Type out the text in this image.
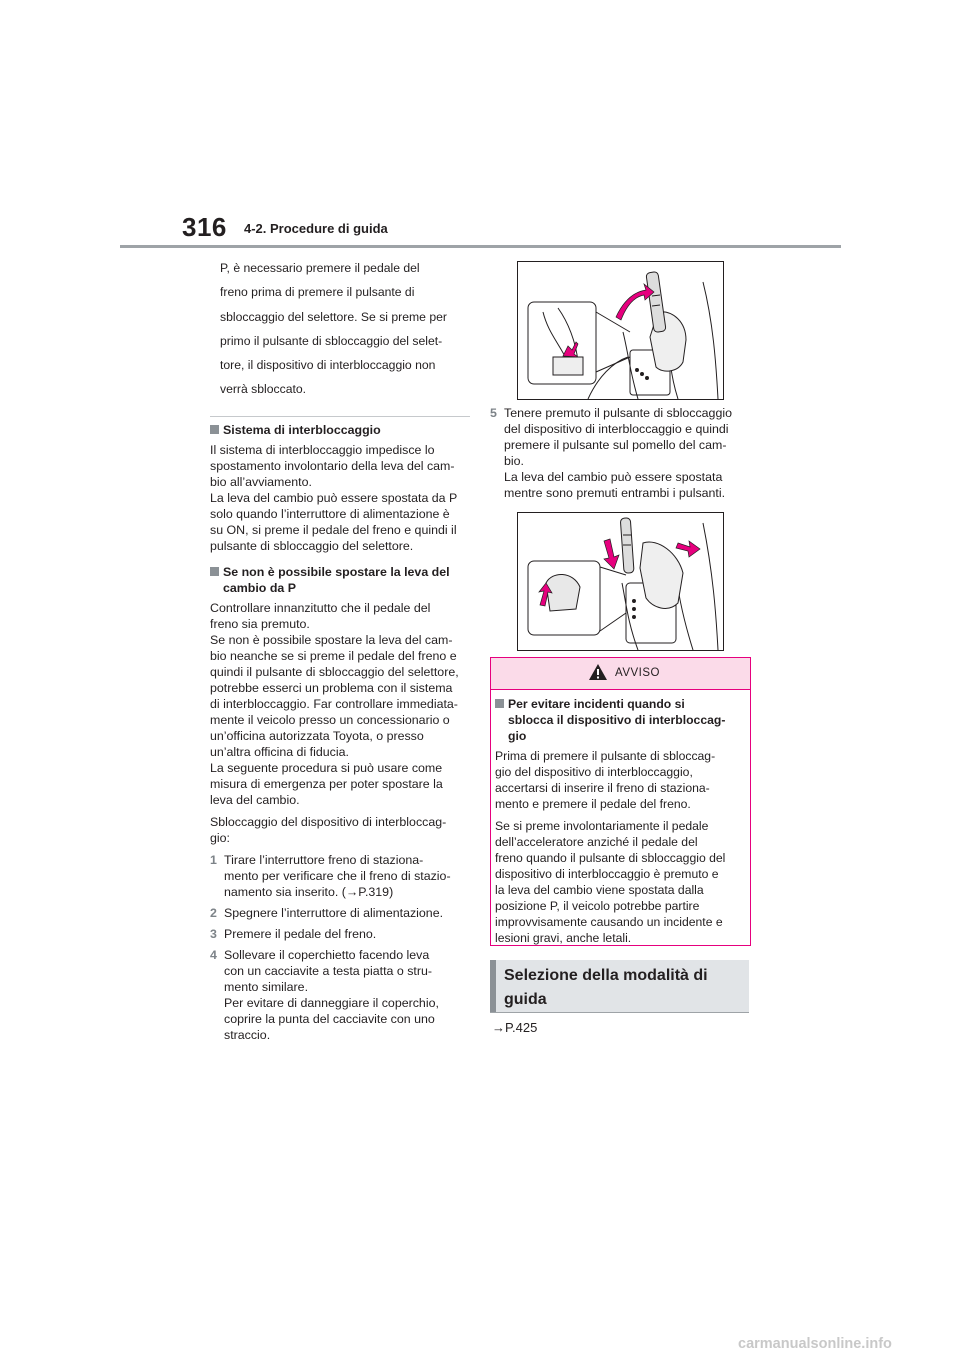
316 4-2. Procedure di guida

P, è necessario premere il pedale del
freno prima di premere il pulsante di
sbloccaggio del selettore. Se si preme per
primo il pulsante di sbloccaggio del selet-
tore, il dispositivo di interbloccaggio non
verrà sbloccato.

Sistema di interbloccaggio

Il sistema di interbloccaggio impedisce lo
spostamento involontario della leva del cam-
bio all’avviamento.
La leva del cambio può essere spostata da P
solo quando l’interruttore di alimentazione è
su ON, si preme il pedale del freno e quindi il
pulsante di sbloccaggio del selettore.

Se non è possibile spostare la leva del
cambio da P

Controllare innanzitutto che il pedale del
freno sia premuto.
Se non è possibile spostare la leva del cam-
bio neanche se si preme il pedale del freno e
quindi il pulsante di sbloccaggio del selettore,
potrebbe esserci un problema con il sistema
di interbloccaggio. Far controllare immediata-
mente il veicolo presso un concessionario o
un’officina autorizzata Toyota, o presso
un’altra officina di fiducia.
La seguente procedura si può usare come
misura di emergenza per poter spostare la
leva del cambio.

Sbloccaggio del dispositivo di interbloccag-
gio:

1 Tirare l’interruttore freno di staziona-
mento per verificare che il freno di stazio-
namento sia inserito. (→P.319)
2 Spegnere l’interruttore di alimentazione.
3 Premere il pedale del freno.
4 Sollevare il coperchietto facendo leva
con un cacciavite a testa piatta o stru-
mento similare.
Per evitare di danneggiare il coperchio,
coprire la punta del cacciavite con uno
straccio.
5 Tenere premuto il pulsante di sbloccaggio
del dispositivo di interbloccaggio e quindi
premere il pulsante sul pomello del cam-
bio.
La leva del cambio può essere spostata
mentre sono premuti entrambi i pulsanti.
AVVISO
Per evitare incidenti quando si
sblocca il dispositivo di interbloccag-
gio

Prima di premere il pulsante di sbloccag-
gio del dispositivo di interbloccaggio,
accertarsi di inserire il freno di staziona-
mento e premere il pedale del freno.

Se si preme involontariamente il pedale
dell’acceleratore anziché il pedale del
freno quando il pulsante di sbloccaggio del
dispositivo di interbloccaggio è premuto e
la leva del cambio viene spostata dalla
posizione P, il veicolo potrebbe partire
improvvisamente causando un incidente e
lesioni gravi, anche letali.

Selezione della modalità di
guida
→P.425
carmanualsonline.info
